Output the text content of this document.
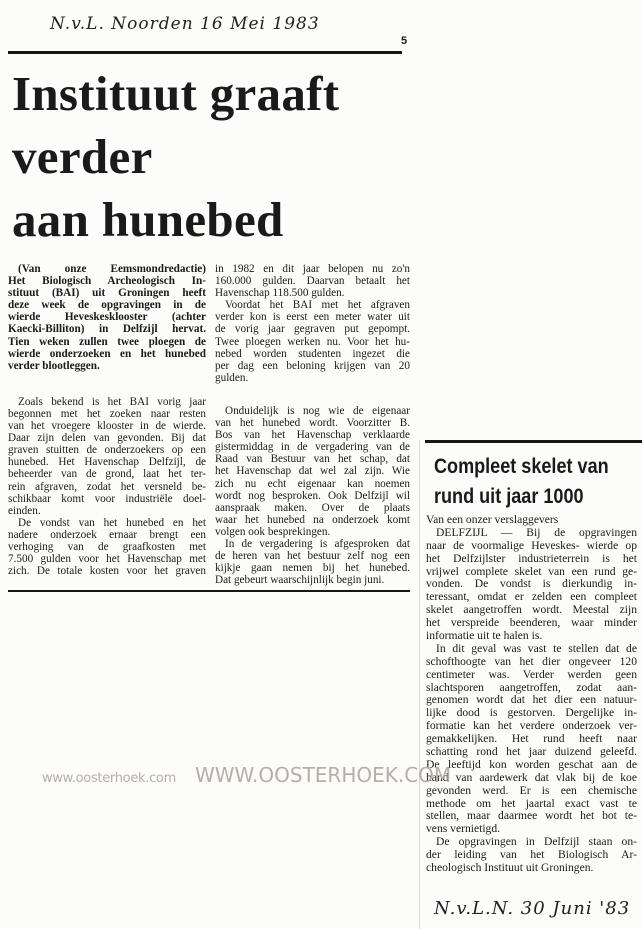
N.v.L. Noorden 16 Mei 1983
5
Instituut graaft
verder
aan hunebed
(Van onze Eemsmondredactie)
Het Biologisch Archeologisch In-
stituut (BAI) uit Groningen heeft
deze week de opgravingen in de
wierde Heveskesklooster (achter
Kaecki-Billiton) in Delfzijl hervat.
Tien weken zullen twee ploegen de
wierde onderzoeken en het hunebed
verder blootleggen.
Zoals bekend is het BAI vorig jaar
begonnen met het zoeken naar resten
van het vroegere klooster in de wierde.
Daar zijn delen van gevonden. Bij dat
graven stuitten de onderzoekers op een
hunebed. Het Havenschap Delfzijl, de
beheerder van de grond, laat het ter-
rein afgraven, zodat het versneld be-
schikbaar komt voor industriële doel-
einden.
De vondst van het hunebed en het
nadere onderzoek ernaar brengt een
verhoging van de graafkosten met
7.500 gulden voor het Havenschap met
zich. De totale kosten voor het graven
in 1982 en dit jaar belopen nu zo'n
160.000 gulden. Daarvan betaalt het
Havenschap 118.500 gulden.
Voordat het BAI met het afgraven
verder kon is eerst een meter water uit
de vorig jaar gegraven put gepompt.
Twee ploegen werken nu. Voor het hu-
nebed worden studenten ingezet die
per dag een beloning krijgen van 20
gulden.
Onduidelijk is nog wie de eigenaar
van het hunebed wordt. Voorzitter B.
Bos van het Havenschap verklaarde
gistermiddag in de vergadering van de
Raad van Bestuur van het schap, dat
het Havenschap dat wel zal zijn. Wie
zich nu echt eigenaar kan noemen
wordt nog besproken. Ook Delfzijl wil
aanspraak maken. Over de plaats
waar het hunebed na onderzoek komt
volgen ook besprekingen.
In de vergadering is afgesproken dat
de heren van het bestuur zelf nog een
kijkje gaan nemen bij het hunebed.
Dat gebeurt waarschijnlijk begin juni.
Compleet skelet van
rund uit jaar 1000
Van een onzer verslaggevers
DELFZIJL — Bij de opgravingen
naar de voormalige Heveskes- wierde op
het Delfzijlster industrieterrein is het
vrijwel complete skelet van een rund ge-
vonden. De vondst is dierkundig in-
teressant, omdat er zelden een compleet
skelet aangetroffen wordt. Meestal zijn
het verspreide beenderen, waar minder
informatie uit te halen is.
In dit geval was vast te stellen dat de
schofthoogte van het dier ongeveer 120
centimeter was. Verder werden geen
slachtsporen aangetroffen, zodat aan-
genomen wordt dat het dier een natuur-
lijke dood is gestorven. Dergelijke in-
formatie kan het verdere onderzoek ver-
gemakkelijken. Het rund heeft naar
schatting rond het jaar duizend geleefd.
De leeftijd kon worden geschat aan de
hand van aardewerk dat vlak bij de koe
gevonden werd. Er is een chemische
methode om het jaartal exact vast te
stellen, maar daarmee wordt het bot te-
vens vernietigd.
De opgravingen in Delfzijl staan on-
der leiding van het Biologisch Ar-
cheologisch Instituut uit Groningen.
www.oosterhoek.com WWW.OOSTERHOEK.COM
N.v.L.N. 30 Juni '83
